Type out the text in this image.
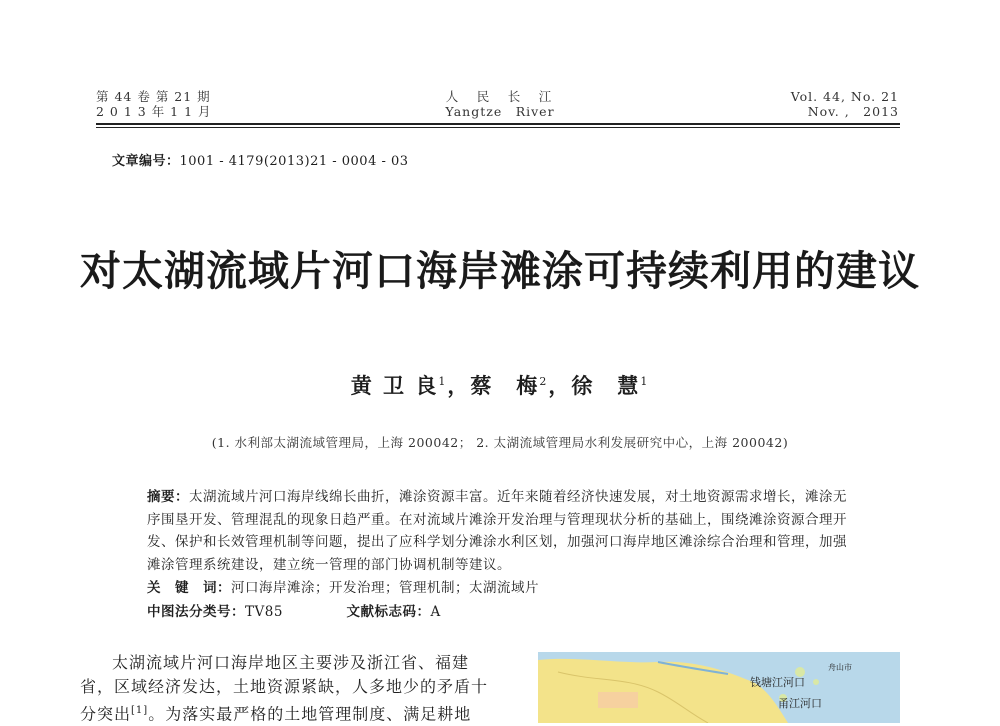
第 44 卷 第 21 期
2 0 1 3 年 1 1 月
人　民　长　江
Yangtze　River
Vol. 44, No. 21
Nov. ,　2013
文章编号：1001 - 4179(2013)21 - 0004 - 03
对太湖流域片河口海岸滩涂可持续利用的建议
黄 卫 良$^1$，蔡　梅$^2$，徐　慧$^1$
(1. 水利部太湖流域管理局，上海 200042； 2. 太湖流域管理局水利发展研究中心，上海 200042)
摘要：太湖流域片河口海岸线绵长曲折，滩涂资源丰富。近年来随着经济快速发展，对土地资源需求增长，滩涂无序围垦开发、管理混乱的现象日趋严重。在对流域片滩涂开发治理与管理现状分析的基础上，围绕滩涂资源合理开发、保护和长效管理机制等问题，提出了应科学划分滩涂水利区划，加强河口海岸地区滩涂综合治理和管理，加强滩涂管理系统建设，建立统一管理的部门协调机制等建议。
关　键　词：河口海岸滩涂；开发治理；管理机制；太湖流域片
中图法分类号：TV85	文献标志码：A
太湖流域片河口海岸地区主要涉及浙江省、福建省，区域经济发达，土地资源紧缺，人多地少的矛盾十分突出[1]。为落实最严格的土地管理制度、满足耕地
钱塘江河口
甬江河口
舟山市
